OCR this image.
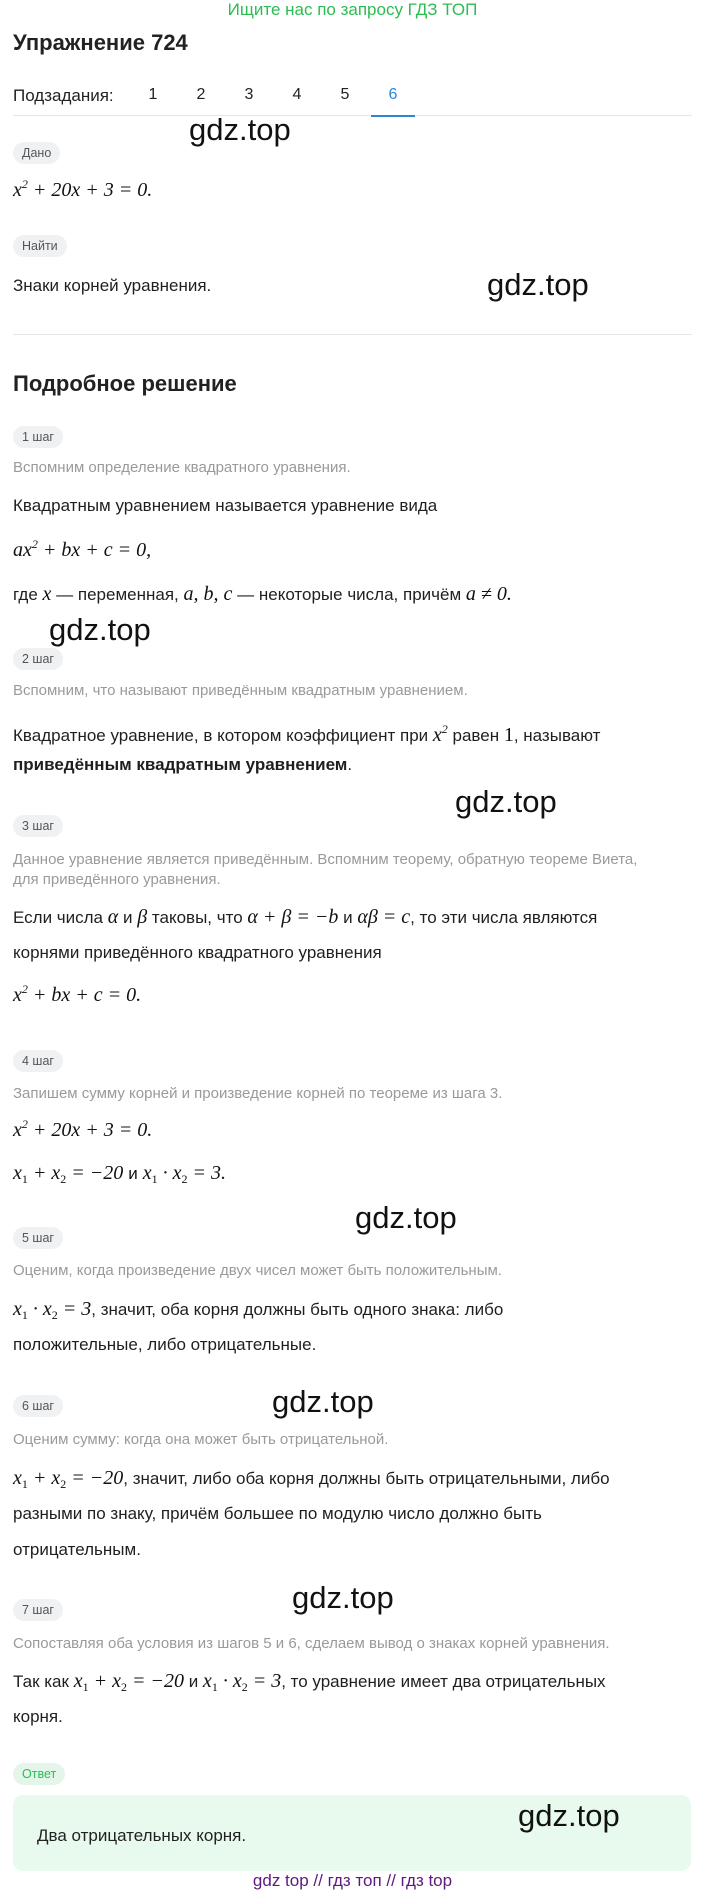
Ищите нас по запросу ГДЗ ТОП
Упражнение 724
Подзадания:	1	2	3	4	5	6
Дано
$x^2 + 20x + 3 = 0$.
Найти
Знаки корней уравнения.
Подробное решение
1 шаг
Вспомним определение квадратного уравнения.
Квадратным уравнением называется уравнение вида
$ax^2$ + bx + c = 0,
где x — переменная, a, b, c — некоторые числа, причём a ≠ 0.
2 шаг
Вспомним, что называют приведённым квадратным уравнением.
Квадратное уравнение, в котором коэффициент при $x^2$ равен 1, называют
приведённым квадратным уравнением.
3 шаг
Данное уравнение является приведённым. Вспомним теорему, обратную теореме Виета,
для приведённого уравнения.
Если числа α и β таковы, что α + β = −b и αβ = c, то эти числа являются
корнями приведённого квадратного уравнения
$x^2$ + bx + c = 0.
4 шаг
Запишем сумму корней и произведение корней по теореме из шага 3.
$x^2 + 20x + 3 = 0$.
$x_1 + x_2 = -20$ и $x_1 \cdot x_2 = 3$.
5 шаг
Оценим, когда произведение двух чисел может быть положительным.
$x_1 \cdot x_2 = 3$, значит, оба корня должны быть одного знака: либо
положительные, либо отрицательные.
6 шаг
Оценим сумму: когда она может быть отрицательной.
$x_1 + x_2 = -20$, значит, либо оба корня должны быть отрицательными, либо
разными по знаку, причём большее по модулю число должно быть
отрицательным.
7 шаг
Сопоставляя оба условия из шагов 5 и 6, сделаем вывод о знаках корней уравнения.
Так как $x_1 + x_2 = -20$ и $x_1 \cdot x_2 = 3$, то уравнение имеет два отрицательных
корня.
Ответ
Два отрицательных корня.
gdz.top
gdz.top
gdz.top
gdz.top
gdz.top
gdz.top
gdz.top
gdz.top
gdz top // гдз топ // гдз top
